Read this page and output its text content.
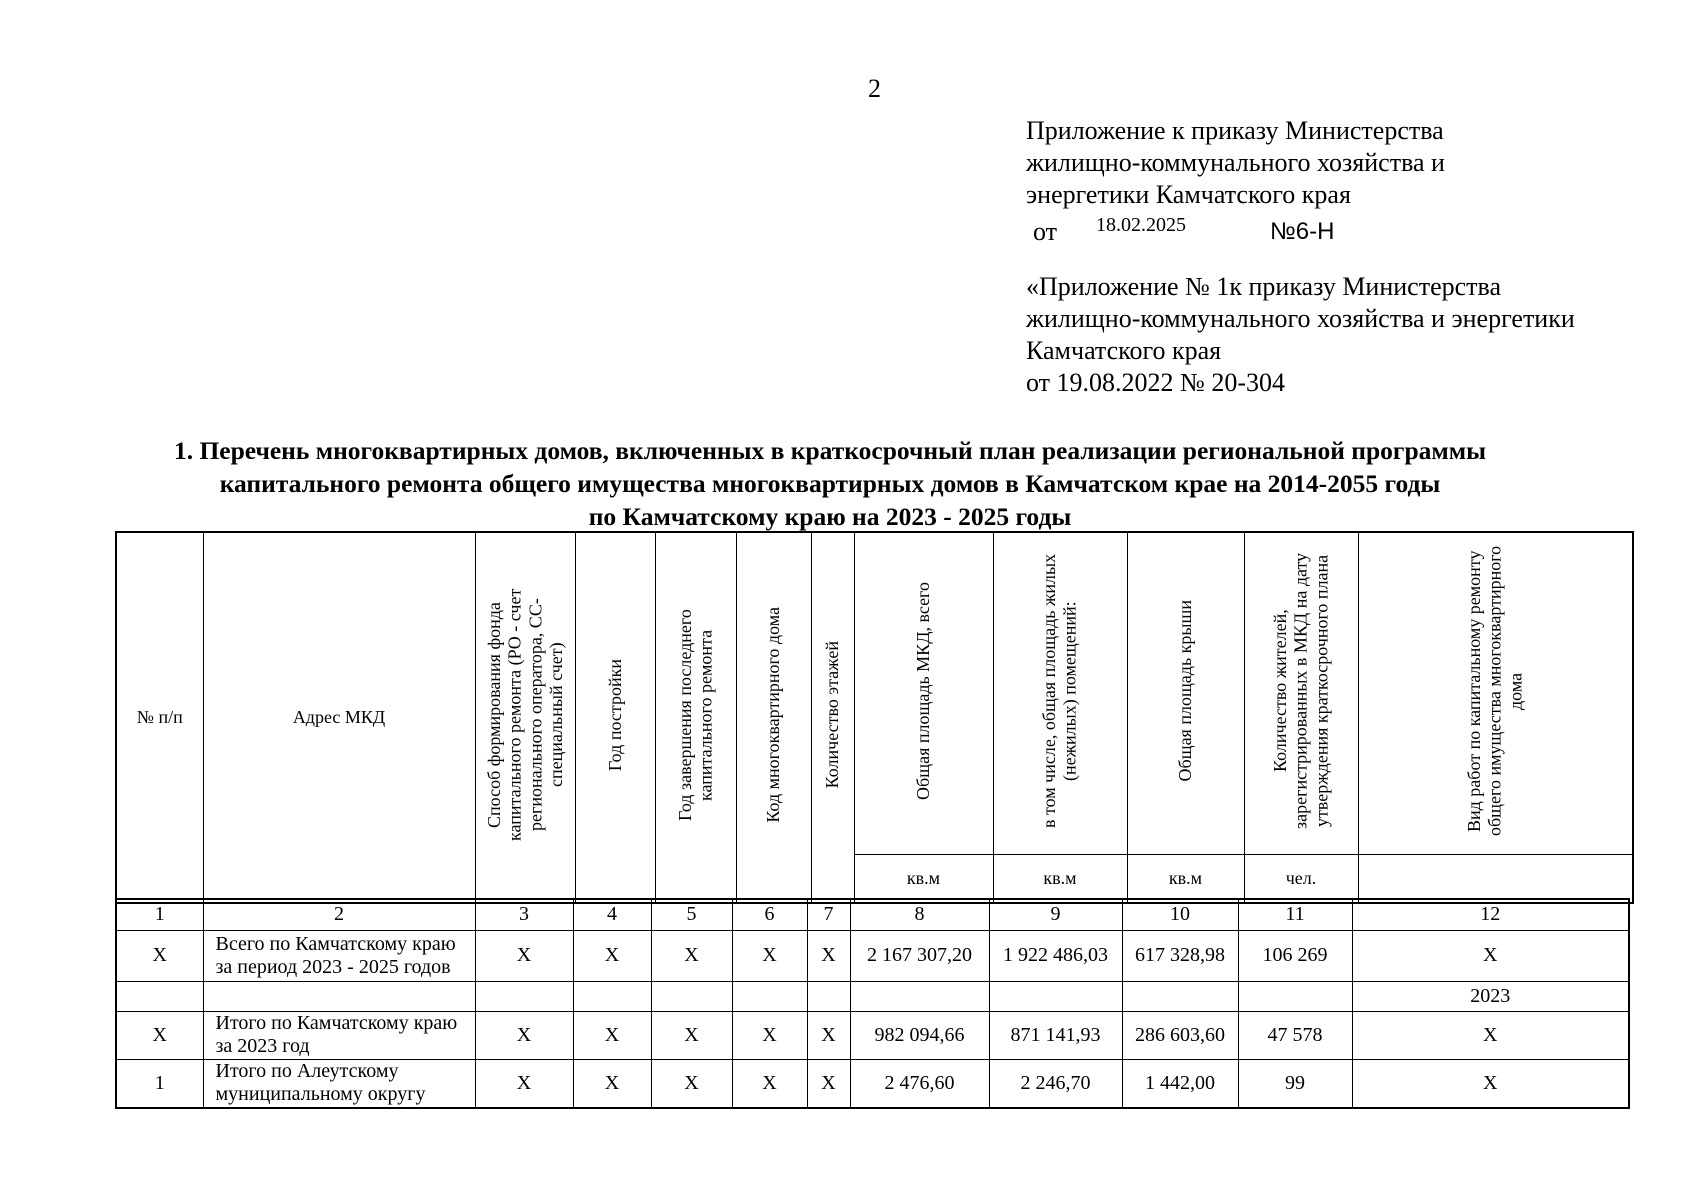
2
Приложение к приказу Министерства
жилищно-коммунального хозяйства и
энергетики Камчатского края
от 18.02.2025	№6-Н
«Приложение № 1к приказу Министерства
жилищно-коммунального хозяйства и энергетики
Камчатского края
от 19.08.2022 № 20-304
1. Перечень многоквартирных домов, включенных в краткосрочный план реализации региональной программы
капитального ремонта общего имущества многоквартирных домов в Камчатском крае на 2014-2055 годы
по Камчатскому краю на 2023 - 2025 годы
№ п/п	Адрес МКД	Способ формирования фонда капитального ремонта (РО - счет регионального оператора, СС- специальный счет)	Год постройки	Год завершения последнего капитального ремонта	Код многоквартирного дома	Количество этажей	Общая площадь МКД, всего	в том числе, общая площадь жилых (нежилых) помещений:	Общая площадь крыши	Количество жителей, зарегистрированных в МКД на дату утверждения краткосрочного плана	Вид работ по капитальному ремонту общего имущества многоквартирного дома
							кв.м	кв.м	кв.м	чел.	
1	2	3	4	5	6	7	8	9	10	11	12
X	Всего по Камчатскому краю за период 2023 - 2025 годов	X	X	X	X	X	2 167 307,20	1 922 486,03	617 328,98	106 269	X
											2023
X	Итого по Камчатскому краю за 2023 год	X	X	X	X	X	982 094,66	871 141,93	286 603,60	47 578	X
1	Итого по Алеутскому муниципальному округу	X	X	X	X	X	2 476,60	2 246,70	1 442,00	99	X
